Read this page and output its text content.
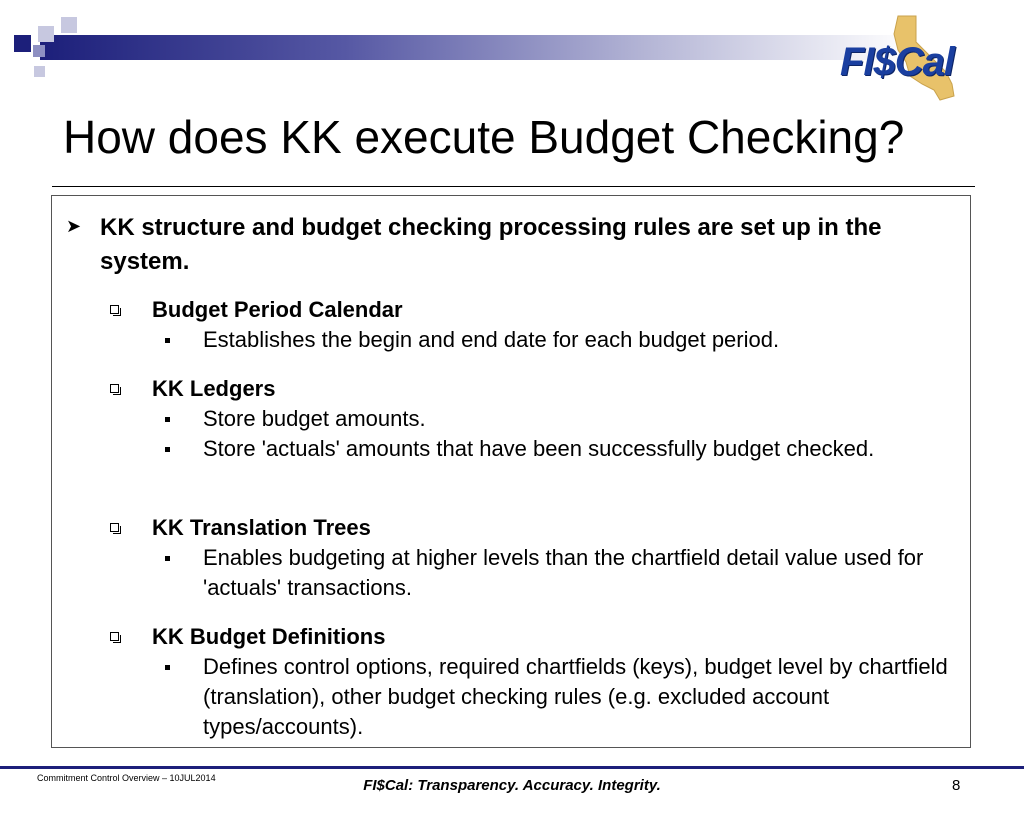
FI$Cal
How does KK execute Budget Checking?
➤ KK structure and budget checking processing rules are set up in the system.
Budget Period Calendar
Establishes the begin and end date for each budget period.
KK Ledgers
Store budget amounts.
Store 'actuals' amounts that have been successfully budget checked.
KK Translation Trees
Enables budgeting at higher levels than the chartfield detail value used for 'actuals' transactions.
KK Budget Definitions
Defines control options, required chartfields (keys), budget level by chartfield (translation), other budget checking rules (e.g. excluded account types/accounts).
Commitment Control Overview – 10JUL2014	FI$Cal: Transparency. Accuracy. Integrity.	8
